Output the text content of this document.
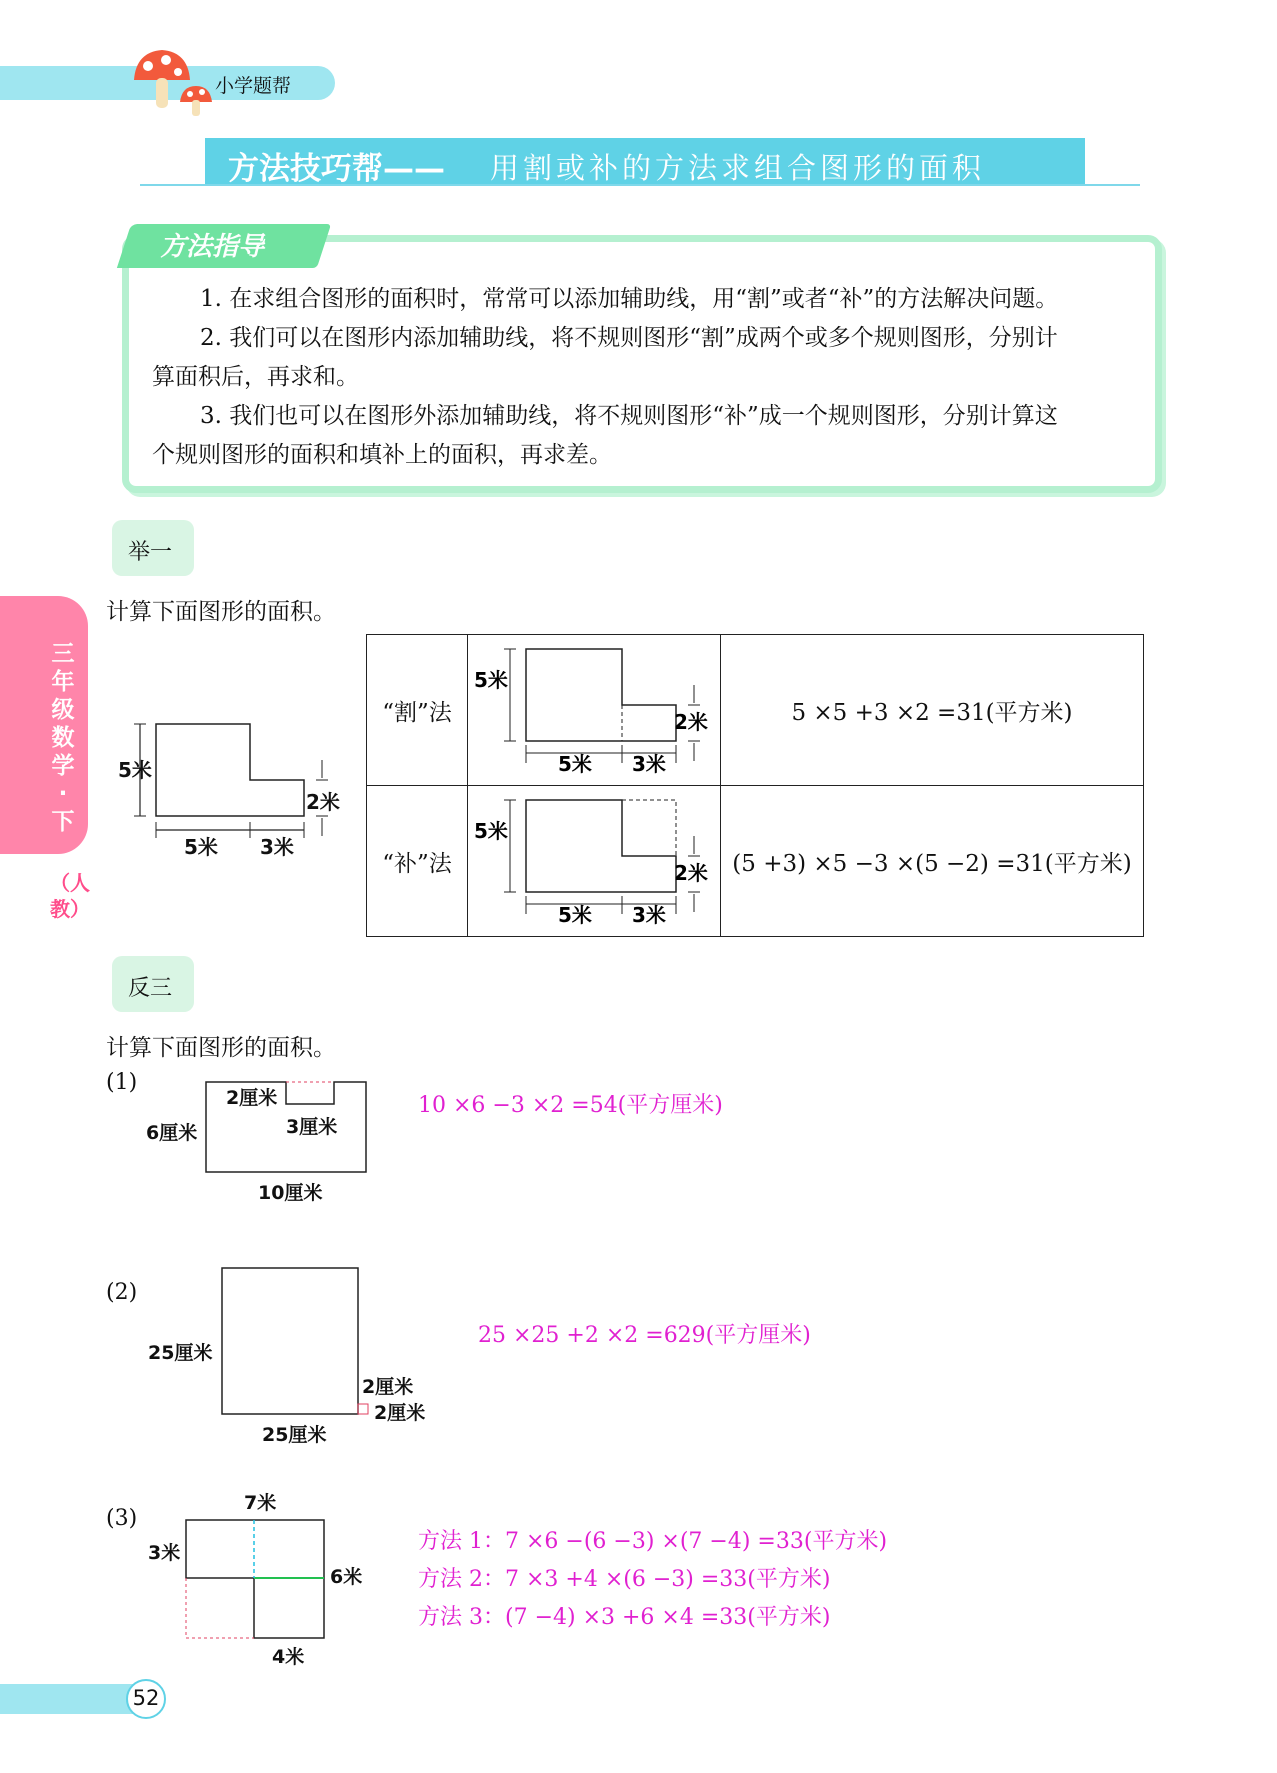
小学题帮
方法技巧帮—— 用割或补的方法求组合图形的面积
方法指导
1. 在求组合图形的面积时，常常可以添加辅助线，用“割”或者“补”的方法解决问题。
2. 我们可以在图形内添加辅助线，将不规则图形“割”成两个或多个规则图形，分别计
算面积后，再求和。
3. 我们也可以在图形外添加辅助线，将不规则图形“补”成一个规则图形，分别计算这
个规则图形的面积和填补上的面积，再求差。
三年级数学·下
（人教）
举一
计算下面图形的面积。
5米
2米
5米 3米
“割”法	5米
2米
5米 3米	5 ×5 +3 ×2 =31(平方米)
“补”法	5米
2米
5米 3米	(5 +3) ×5 −3 ×(5 −2) =31(平方米)
反三
计算下面图形的面积。
(1)
2厘米
6厘米	3厘米
10厘米
10 ×6 −3 ×2 =54(平方厘米)
(2)
25厘米
25厘米
2厘米
2厘米
25 ×25 +2 ×2 =629(平方厘米)
(3)
7米
3米
6米
4米
方法 1：7 ×6 −(6 −3) ×(7 −4) =33(平方米)
方法 2：7 ×3 +4 ×(6 −3) =33(平方米)
方法 3：(7 −4) ×3 +6 ×4 =33(平方米)
52
